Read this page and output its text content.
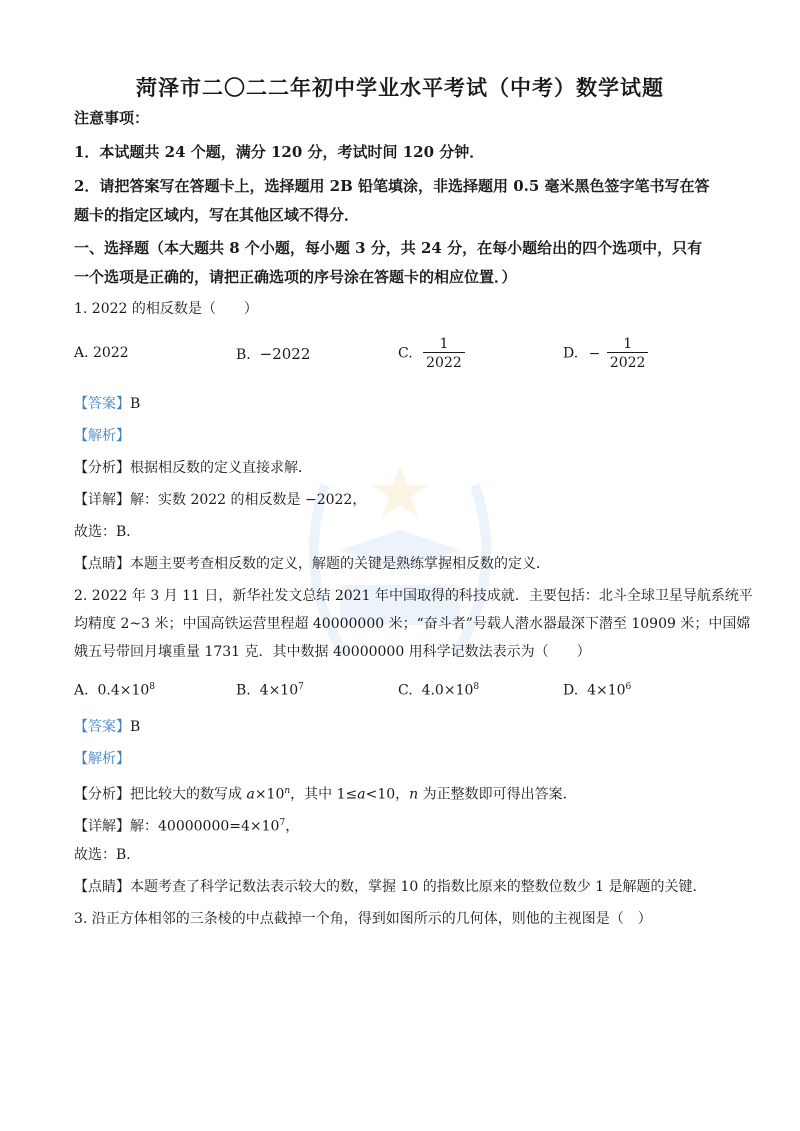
菏泽市二〇二二年初中学业水平考试（中考）数学试题
注意事项：
1．本试题共 24 个题，满分 120 分，考试时间 120 分钟．
2．请把答案写在答题卡上，选择题用 2B 铅笔填涂，非选择题用 0.5 毫米黑色签字笔书写在答
题卡的指定区域内，写在其他区域不得分．
一、选择题（本大题共 8 个小题，每小题 3 分，共 24 分，在每小题给出的四个选项中，只有
一个选项是正确的，请把正确选项的序号涂在答题卡的相应位置．）
1. 2022 的相反数是（　　）
A. 2022	B. −2022	C. $\frac{1}{2022}$	D. − $\frac{1}{2022}$
【答案】B
【解析】
【分析】根据相反数的定义直接求解．
【详解】解：实数 2022 的相反数是 −2022，
故选：B．
【点睛】本题主要考查相反数的定义，解题的关键是熟练掌握相反数的定义．
2. 2022 年 3 月 11 日，新华社发文总结 2021 年中国取得的科技成就．主要包括：北斗全球卫星导航系统平
均精度 2~3 米；中国高铁运营里程超 40000000 米；“奋斗者”号载人潜水器最深下潜至 10909 米；中国嫦
娥五号带回月壤重量 1731 克．其中数据 40000000 用科学记数法表示为（　　）
A. $0.4\times 10^8$	B. $4\times 10^7$	C. $4.0\times 10^8$	D. $4\times 10^6$
【答案】B
【解析】
【分析】把比较大的数写成 $a\times 10^n$，其中 1≤a<10，n 为正整数即可得出答案．
【详解】解：$40000000=4\times 10^7$，
故选：B．
【点睛】本题考查了科学记数法表示较大的数，掌握 10 的指数比原来的整数位数少 1 是解题的关键．
3. 沿正方体相邻的三条棱的中点截掉一个角，得到如图所示的几何体，则他的主视图是（　）
